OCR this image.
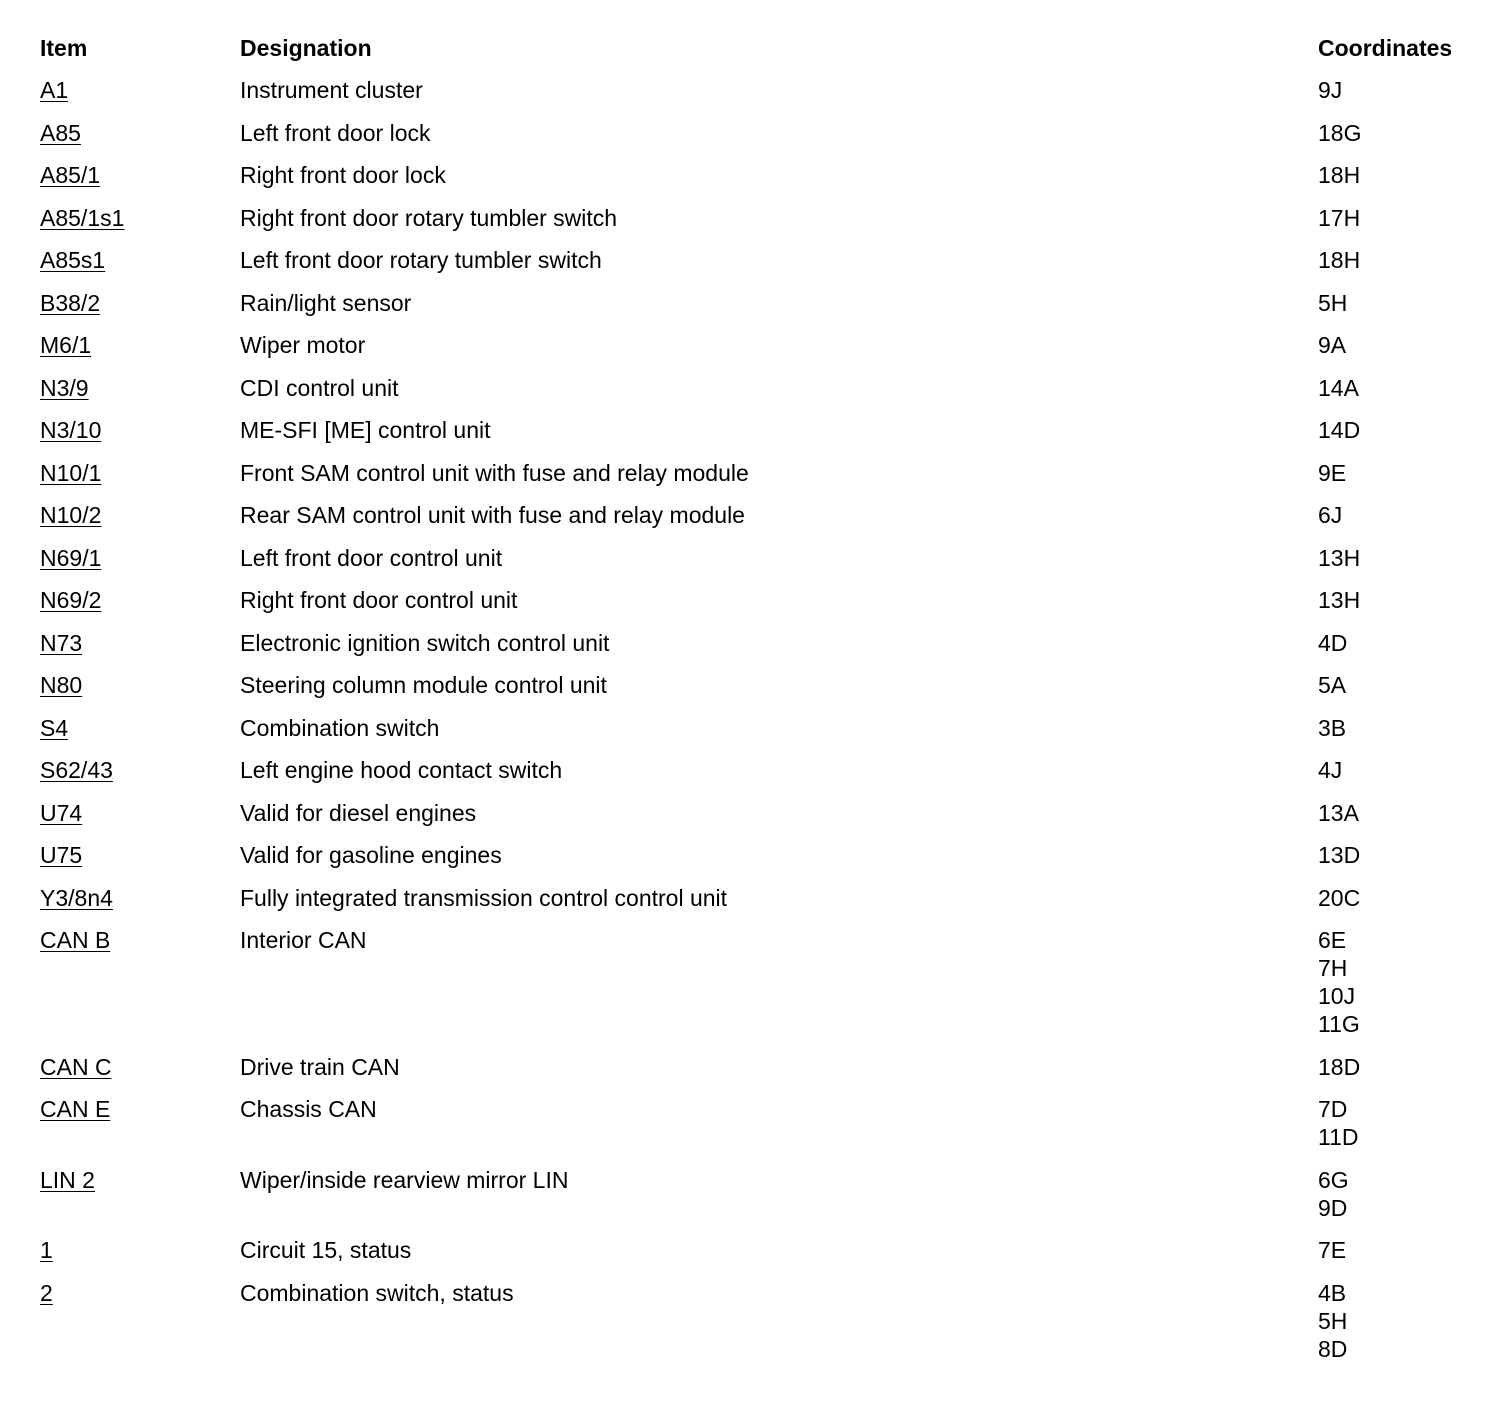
Item	Designation	Coordinates
A1	Instrument cluster	9J
A85	Left front door lock	18G
A85/1	Right front door lock	18H
A85/1s1	Right front door rotary tumbler switch	17H
A85s1	Left front door rotary tumbler switch	18H
B38/2	Rain/light sensor	5H
M6/1	Wiper motor	9A
N3/9	CDI control unit	14A
N3/10	ME-SFI [ME] control unit	14D
N10/1	Front SAM control unit with fuse and relay module	9E
N10/2	Rear SAM control unit with fuse and relay module	6J
N69/1	Left front door control unit	13H
N69/2	Right front door control unit	13H
N73	Electronic ignition switch control unit	4D
N80	Steering column module control unit	5A
S4	Combination switch	3B
S62/43	Left engine hood contact switch	4J
U74	Valid for diesel engines	13A
U75	Valid for gasoline engines	13D
Y3/8n4	Fully integrated transmission control control unit	20C
CAN B	Interior CAN	6E
7H
10J
11G
CAN C	Drive train CAN	18D
CAN E	Chassis CAN	7D
11D
LIN 2	Wiper/inside rearview mirror LIN	6G
9D
1	Circuit 15, status	7E
2	Combination switch, status	4B
5H
8D
